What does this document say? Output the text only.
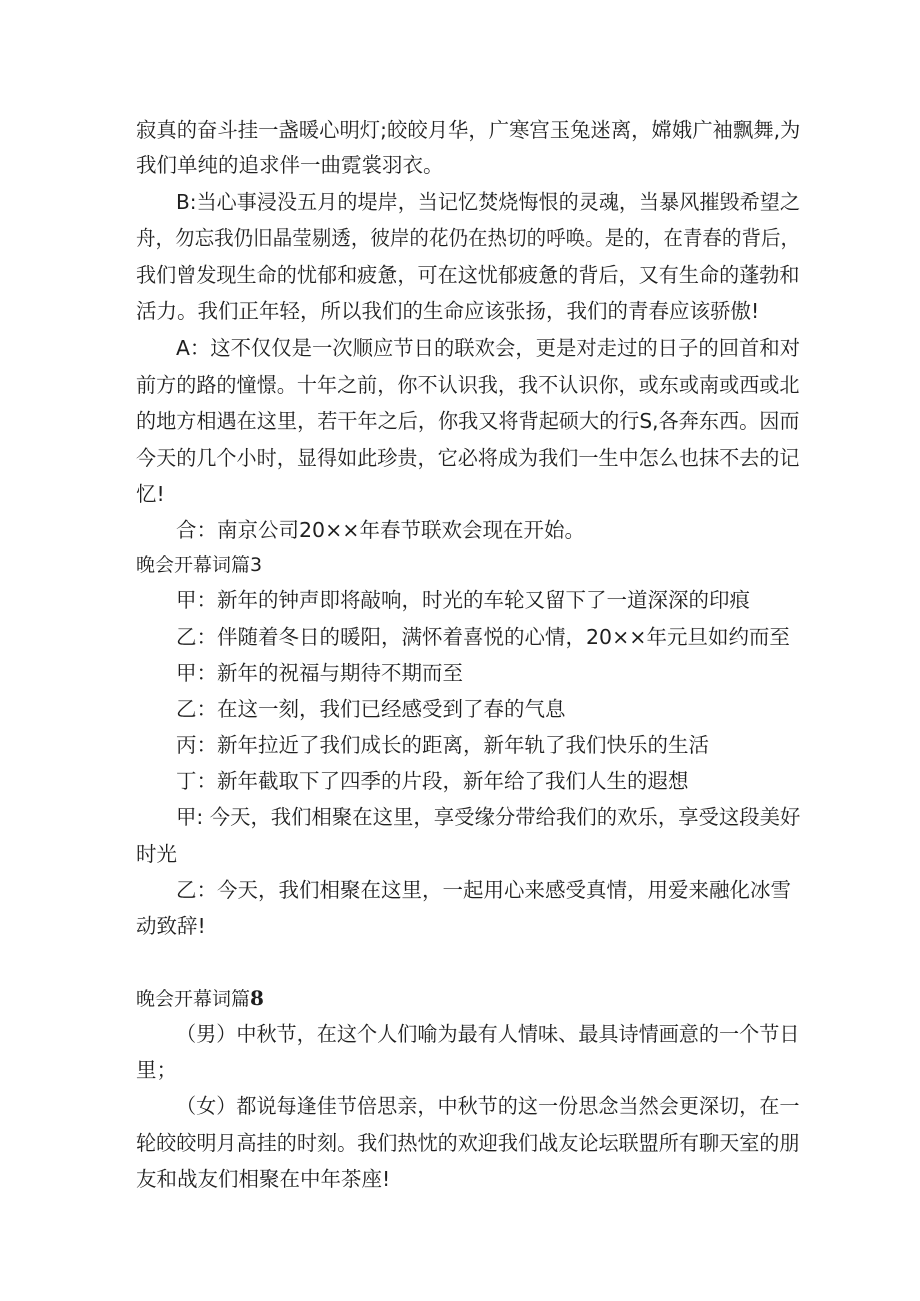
寂真的奋斗挂一盏暖心明灯;皎皎月华，广寒宫玉兔迷离，嫦娥广袖飘舞,为
我们单纯的追求伴一曲霓裳羽衣。
B:当心事浸没五月的堤岸，当记忆焚烧悔恨的灵魂，当暴风摧毁希望之
舟，勿忘我仍旧晶莹剔透，彼岸的花仍在热切的呼唤。是的，在青春的背后，
我们曾发现生命的忧郁和疲惫，可在这忧郁疲惫的背后，又有生命的蓬勃和
活力。我们正年轻，所以我们的生命应该张扬，我们的青春应该骄傲!
A：这不仅仅是一次顺应节日的联欢会，更是对走过的日子的回首和对
前方的路的憧憬。十年之前，你不认识我，我不认识你，或东或南或西或北
的地方相遇在这里，若干年之后，你我又将背起硕大的行S,各奔东西。因而
今天的几个小时，显得如此珍贵，它必将成为我们一生中怎么也抹不去的记
忆!
合：南京公司20××年春节联欢会现在开始。
晚会开幕词篇3
甲：新年的钟声即将敲响，时光的车轮又留下了一道深深的印痕
乙：伴随着冬日的暖阳，满怀着喜悦的心情，20××年元旦如约而至
甲：新年的祝福与期待不期而至
乙：在这一刻，我们已经感受到了春的气息
丙：新年拉近了我们成长的距离，新年轨了我们快乐的生活
丁：新年截取下了四季的片段，新年给了我们人生的遐想
甲: 今天，我们相聚在这里，享受缘分带给我们的欢乐，享受这段美好
时光
乙：今天，我们相聚在这里，一起用心来感受真情，用爱来融化冰雪
动致辞!
晚会开幕词篇8
（男）中秋节，在这个人们喻为最有人情味、最具诗情画意的一个节日
里；
（女）都说每逢佳节倍思亲，中秋节的这一份思念当然会更深切，在一
轮皎皎明月高挂的时刻。我们热忱的欢迎我们战友论坛联盟所有聊天室的朋
友和战友们相聚在中年茶座!
